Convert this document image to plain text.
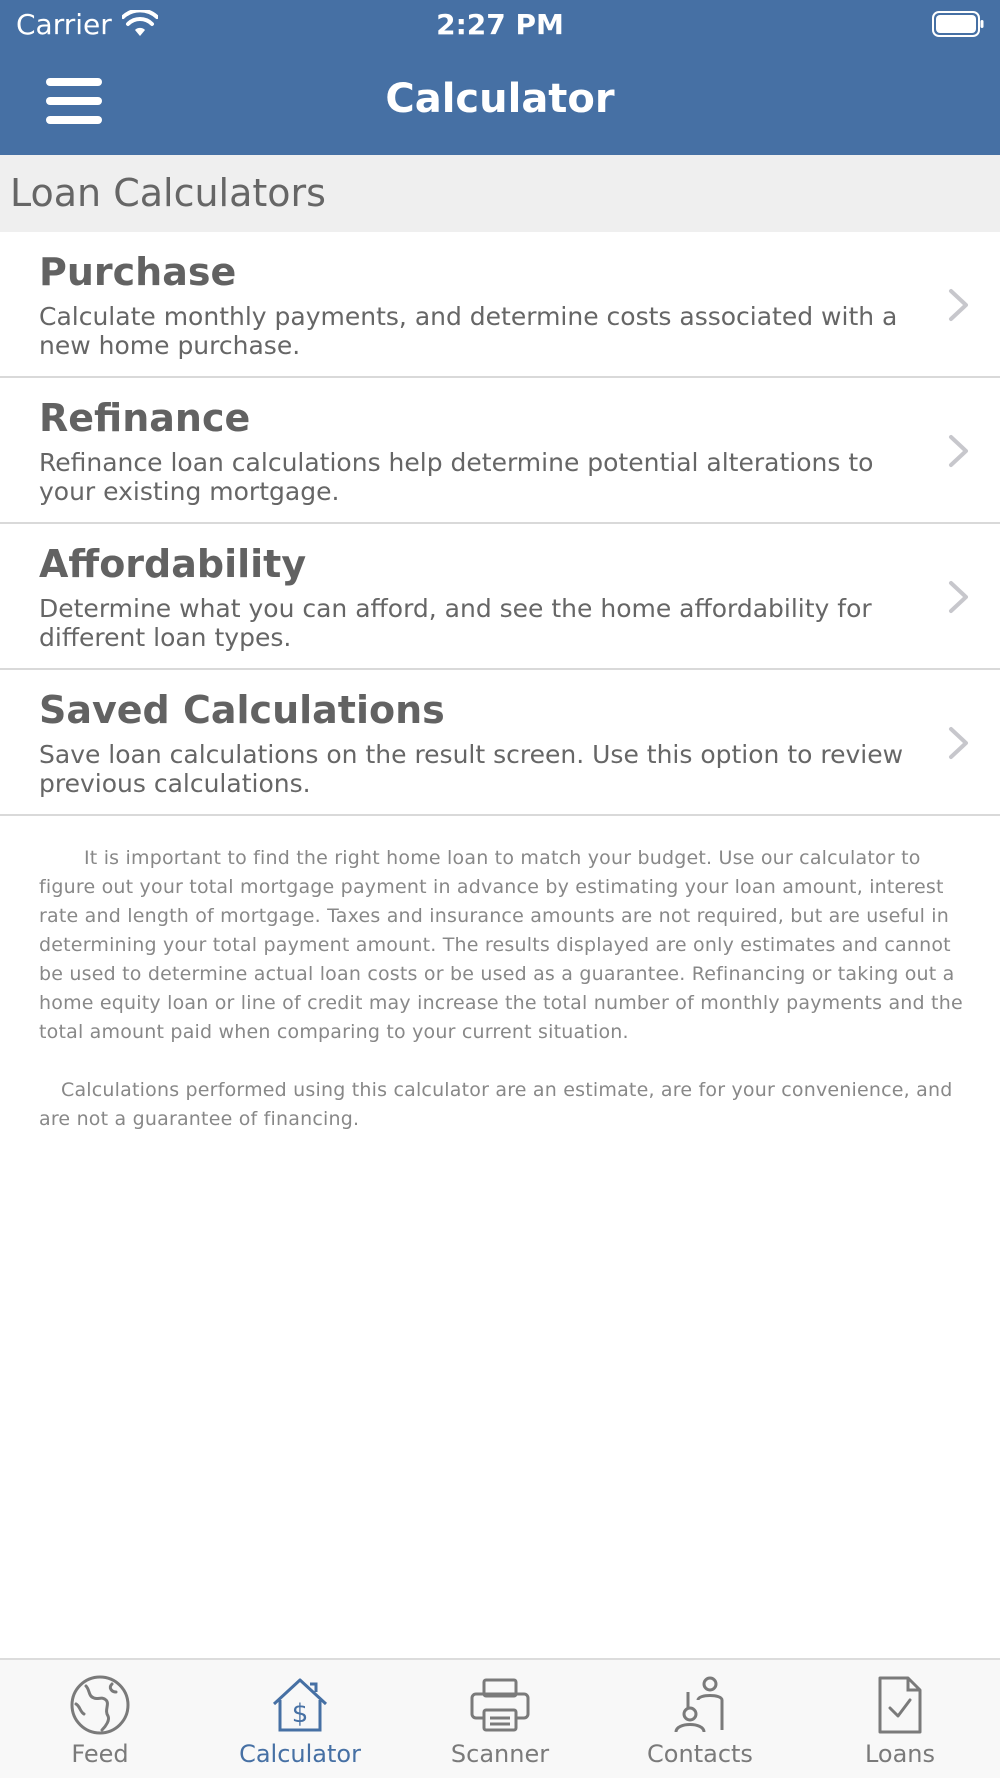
Carrier	2:27 PM
Calculator
Loan Calculators
Purchase
Calculate monthly payments, and determine costs associated with a new home purchase.
Refinance
Refinance loan calculations help determine potential alterations to your existing mortgage.
Affordability
Determine what you can afford, and see the home affordability for different loan types.
Saved Calculations
Save loan calculations on the result screen. Use this option to review previous calculations.

It is important to find the right home loan to match your budget. Use our calculator to figure out your total mortgage payment in advance by estimating your loan amount, interest rate and length of mortgage. Taxes and insurance amounts are not required, but are useful in determining your total payment amount. The results displayed are only estimates and cannot be used to determine actual loan costs or be used as a guarantee. Refinancing or taking out a home equity loan or line of credit may increase the total number of monthly payments and the total amount paid when comparing to your current situation.

Calculations performed using this calculator are an estimate, are for your convenience, and are not a guarantee of financing.

Feed
$
Calculator	Scanner	Contacts	Loans
